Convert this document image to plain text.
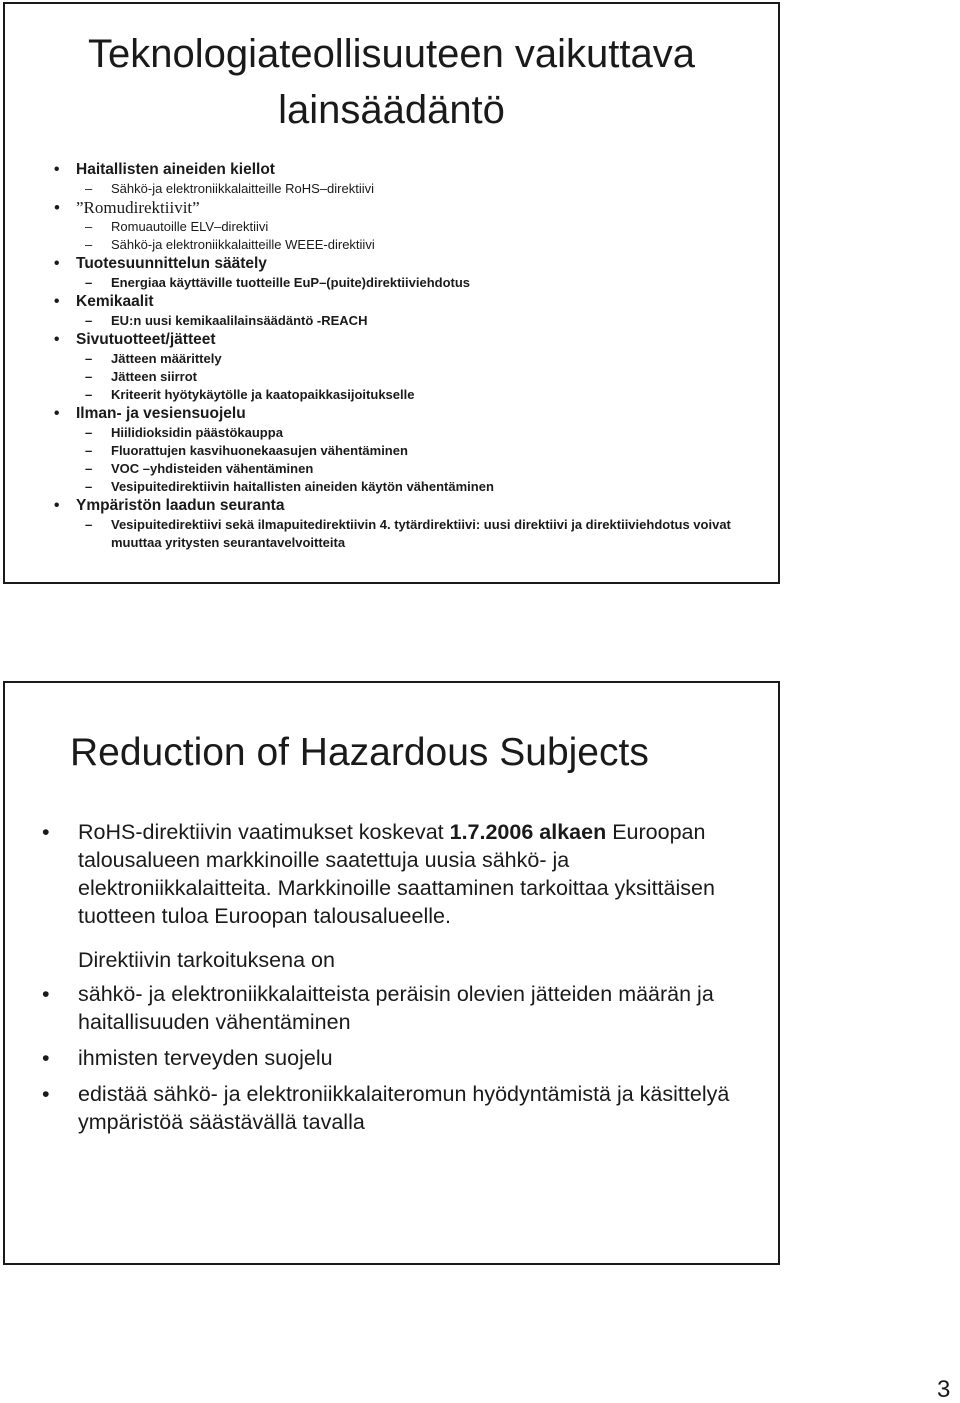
Teknologiateollisuuteen vaikuttava
lainsäädäntö
• Haitallisten aineiden kiellot
– Sähkö-ja elektroniikkalaitteille RoHS–direktiivi
• ”Romudirektiivit”
– Romuautoille ELV–direktiivi
– Sähkö-ja elektroniikkalaitteille WEEE-direktiivi
• Tuotesuunnittelun säätely
– Energiaa käyttäville tuotteille EuP–(puite)direktiiviehdotus
• Kemikaalit
– EU:n uusi kemikaalilainsäädäntö -REACH
• Sivutuotteet/jätteet
– Jätteen määrittely
– Jätteen siirrot
– Kriteerit hyötykäytölle ja kaatopaikkasijoitukselle
• Ilman- ja vesiensuojelu
– Hiilidioksidin päästökauppa
– Fluorattujen kasvihuonekaasujen vähentäminen
– VOC –yhdisteiden vähentäminen
– Vesipuitedirektiivin haitallisten aineiden käytön vähentäminen
• Ympäristön laadun seuranta
– Vesipuitedirektiivi sekä ilmapuitedirektiivin 4. tytärdirektiivi: uusi direktiivi ja direktiiviehdotus voivat muuttaa yritysten seurantavelvoitteita
Reduction of Hazardous Subjects
• RoHS-direktiivin vaatimukset koskevat 1.7.2006 alkaen Euroopan talousalueen markkinoille saatettuja uusia sähkö- ja elektroniikkalaitteita. Markkinoille saattaminen tarkoittaa yksittäisen tuotteen tuloa Euroopan talousalueelle.
Direktiivin tarkoituksena on
• sähkö- ja elektroniikkalaitteista peräisin olevien jätteiden määrän ja haitallisuuden vähentäminen
• ihmisten terveyden suojelu
• edistää sähkö- ja elektroniikkalaiteromun hyödyntämistä ja käsittelyä ympäristöä säästävällä tavalla
3
